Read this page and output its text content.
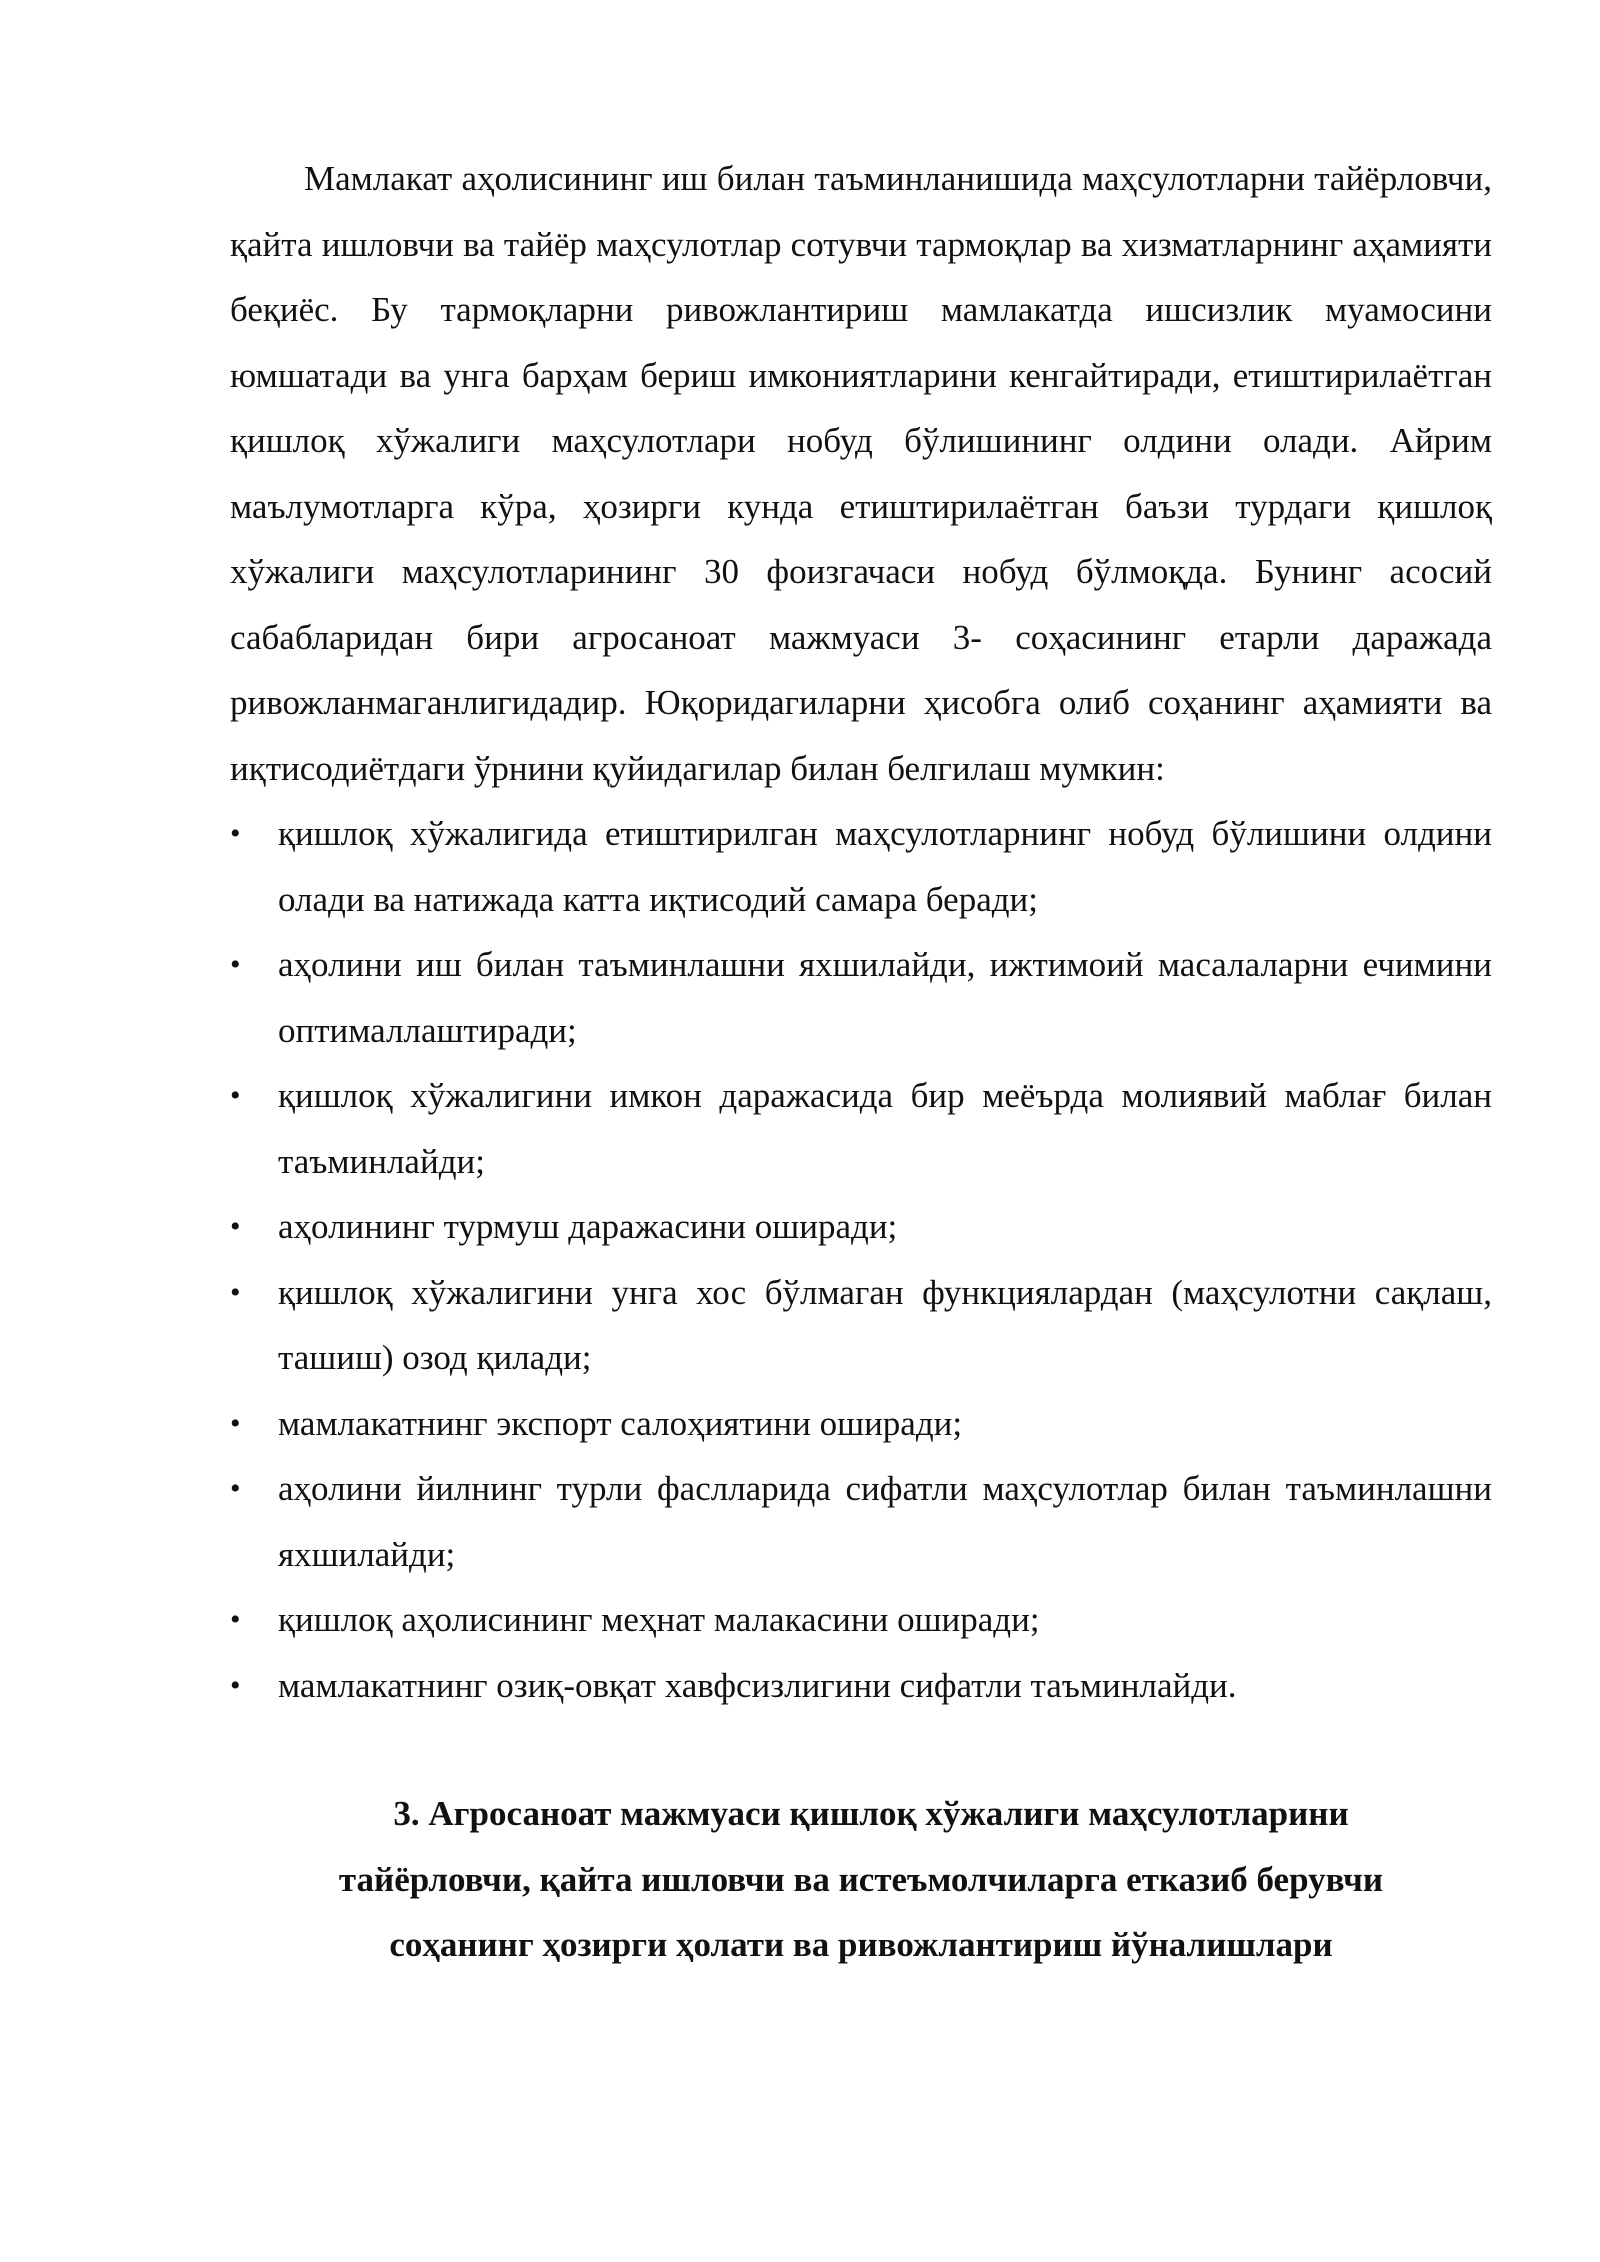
Мамлакат аҳолисининг иш билан таъминланишида маҳсулотларни тайёрловчи, қайта ишловчи ва тайёр маҳсулотлар сотувчи тармоқлар ва хизматларнинг аҳамияти беқиёс. Бу тармоқларни ривожлантириш мамлакатда ишсизлик муамосини юмшатади ва унга барҳам бериш имкониятларини кенгайтиради, етиштирилаётган қишлоқ хўжалиги маҳсулотлари нобуд бўлишининг олдини олади. Айрим маълумотларга кўра, ҳозирги кунда етиштирилаётган баъзи турдаги қишлоқ хўжалиги маҳсулотларининг 30 фоизгачаси нобуд бўлмоқда. Бунинг асосий сабабларидан бири агросаноат мажмуаси 3- соҳасининг етарли даражада ривожланмаганлигидадир. Юқоридагиларни ҳисобга олиб соҳанинг аҳамияти ва иқтисодиётдаги ўрнини қуйидагилар билан белгилаш мумкин:

• қишлоқ хўжалигида етиштирилган маҳсулотларнинг нобуд бўлишини олдини олади ва натижада катта иқтисодий самара беради;
• аҳолини иш билан таъминлашни яхшилайди, ижтимоий масалаларни ечимини оптималлаштиради;
• қишлоқ хўжалигини имкон даражасида бир меёърда молиявий маблағ билан таъминлайди;
• аҳолининг турмуш даражасини оширади;
• қишлоқ хўжалигини унга хос бўлмаган функциялардан (маҳсулотни сақлаш, ташиш) озод қилади;
• мамлакатнинг экспорт салоҳиятини оширади;
• аҳолини йилнинг турли фаслларида сифатли маҳсулотлар билан таъминлашни яхшилайди;
• қишлоқ аҳолисининг меҳнат малакасини оширади;
• мамлакатнинг озиқ-овқат хавфсизлигини сифатли таъминлайди.
3. Агросаноат мажмуаси қишлоқ хўжалиги маҳсулотларини
тайёрловчи, қайта ишловчи ва истеъмолчиларга етказиб берувчи
соҳанинг ҳозирги ҳолати ва ривожлантириш йўналишлари
